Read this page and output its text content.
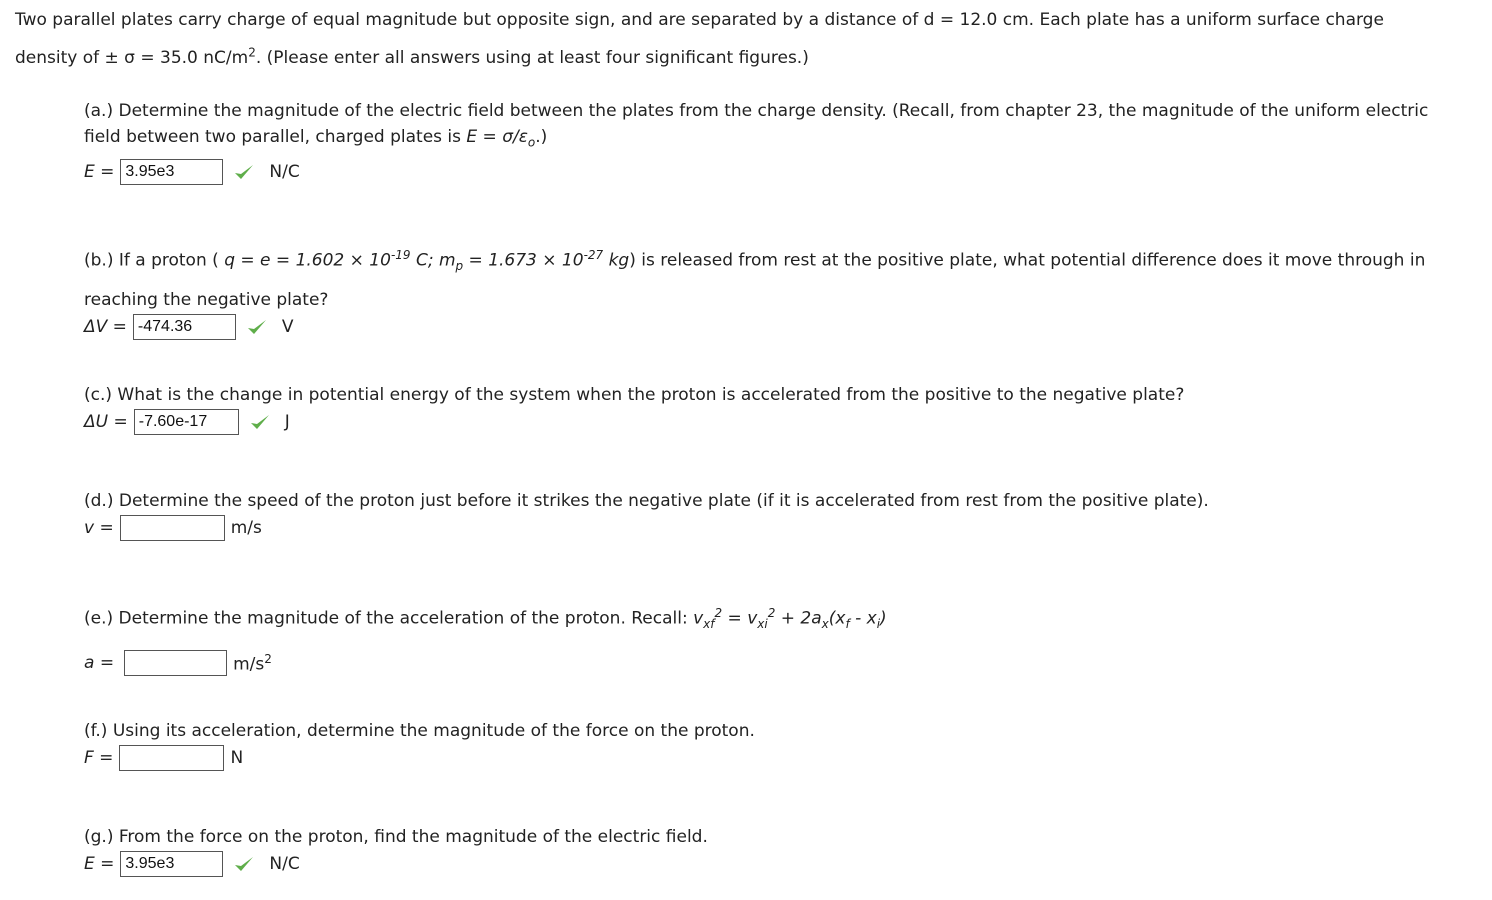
Two parallel plates carry charge of equal magnitude but opposite sign, and are separated by a distance of d = 12.0 cm. Each plate has a uniform surface charge
density of ± σ = 35.0 $nC/m^2$. (Please enter all answers using at least four significant figures.)
(a.) Determine the magnitude of the electric field between the plates from the charge density. (Recall, from chapter 23, the magnitude of the uniform electric
field between two parallel, charged plates is $E = \sigma/\varepsilon_o$.)
E =
3.95e3	N/C
(b.) If a proton ( $q = e = 1.602 \times 10^{-19}$ C; $m_p = 1.673 \times 10^{-27}$ kg) is released from rest at the positive plate, what potential difference does it move through in
reaching the negative plate?
ΔV =
-474.36	V
(c.) What is the change in potential energy of the system when the proton is accelerated from the positive to the negative plate?
ΔU =
-7.60e-17	J
(d.) Determine the speed of the proton just before it strikes the negative plate (if it is accelerated from rest from the positive plate).
v =	m/s
(e.) Determine the magnitude of the acceleration of the proton. Recall: $v_{xf}^2 = v_{xi}^2 + 2a_x(x_f - x_i)$
a =	$m/s^2$
(f.) Using its acceleration, determine the magnitude of the force on the proton.
F =	N
(g.) From the force on the proton, find the magnitude of the electric field.
E =
3.95e3	N/C
